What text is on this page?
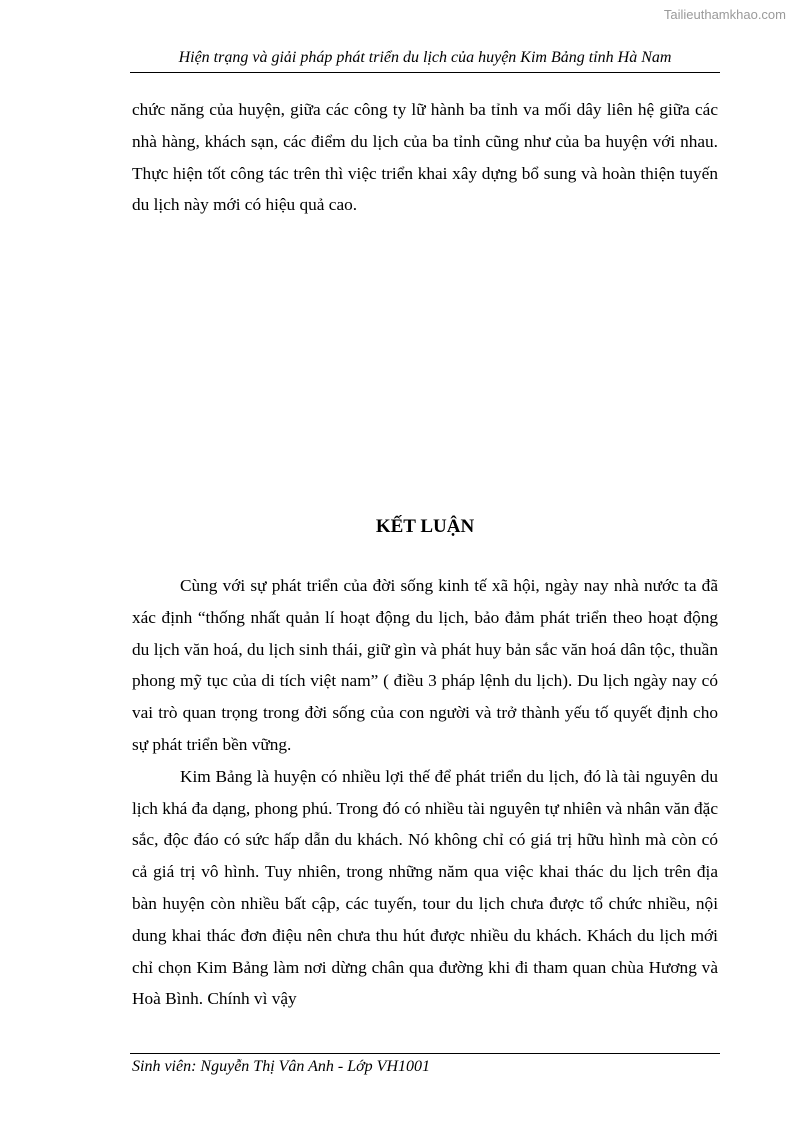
Tailieuthamkhao.com
Hiện trạng và giải pháp phát triển du lịch của huyện Kim Bảng tỉnh Hà Nam

chức năng của huyện, giữa các công ty lữ hành ba tỉnh va mối dây liên hệ giữa các nhà hàng, khách sạn, các điểm du lịch của ba tỉnh cũng như của ba huyện với nhau. Thực hiện tốt công tác trên thì việc triển khai xây dựng bổ sung và hoàn thiện tuyến du lịch này mới có hiệu quả cao.

KẾT LUẬN

Cùng với sự phát triển của đời sống kinh tế xã hội, ngày nay nhà nước ta đã xác định “thống nhất quản lí hoạt động du lịch, bảo đảm phát triển theo hoạt động du lịch văn hoá, du lịch sinh thái, giữ gìn và phát huy bản sắc văn hoá dân tộc, thuần phong mỹ tục của di tích việt nam” ( điều 3 pháp lệnh du lịch). Du lịch ngày nay có vai trò quan trọng trong đời sống của con người và trở thành yếu tố quyết định cho sự phát triển bền vững.

Kim Bảng là huyện có nhiều lợi thế để phát triển du lịch, đó là tài nguyên du lịch khá đa dạng, phong phú. Trong đó có nhiều tài nguyên tự nhiên và nhân văn đặc sắc, độc đáo có sức hấp dẫn du khách. Nó không chỉ có giá trị hữu hình mà còn có cả giá trị vô hình. Tuy nhiên, trong những năm qua việc khai thác du lịch trên địa bàn huyện còn nhiều bất cập, các tuyến, tour du lịch chưa được tổ chức nhiều, nội dung khai thác đơn điệu nên chưa thu hút được nhiều du khách. Khách du lịch mới chỉ chọn Kim Bảng làm nơi dừng chân qua đường khi đi tham quan chùa Hương và Hoà Bình. Chính vì vậy

Sinh viên: Nguyễn Thị Vân Anh - Lớp VH1001
